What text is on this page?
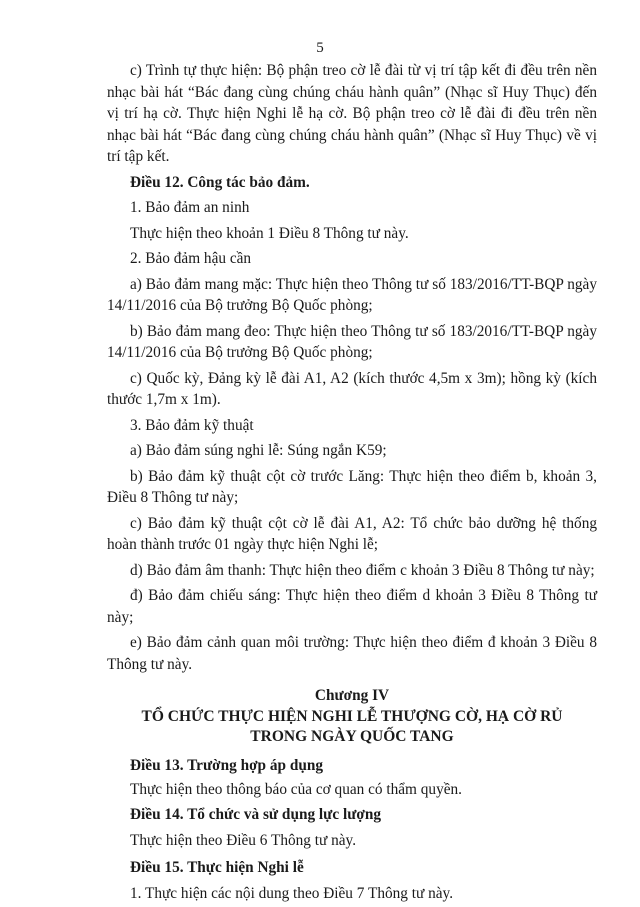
5

c) Trình tự thực hiện: Bộ phận treo cờ lễ đài từ vị trí tập kết đi đều trên nền nhạc bài hát “Bác đang cùng chúng cháu hành quân” (Nhạc sĩ Huy Thục) đến vị trí hạ cờ. Thực hiện Nghi lễ hạ cờ. Bộ phận treo cờ lễ đài đi đều trên nền nhạc bài hát “Bác đang cùng chúng cháu hành quân” (Nhạc sĩ Huy Thục) về vị trí tập kết.

Điều 12. Công tác bảo đảm.

1. Bảo đảm an ninh

Thực hiện theo khoản 1 Điều 8 Thông tư này.

2. Bảo đảm hậu cần

a) Bảo đảm mang mặc: Thực hiện theo Thông tư số 183/2016/TT-BQP ngày 14/11/2016 của Bộ trưởng Bộ Quốc phòng;

b) Bảo đảm mang đeo: Thực hiện theo Thông tư số 183/2016/TT-BQP ngày 14/11/2016 của Bộ trưởng Bộ Quốc phòng;

c) Quốc kỳ, Đảng kỳ lễ đài A1, A2 (kích thước 4,5m x 3m); hồng kỳ (kích thước 1,7m x 1m).

3. Bảo đảm kỹ thuật

a) Bảo đảm súng nghi lễ: Súng ngắn K59;

b) Bảo đảm kỹ thuật cột cờ trước Lăng: Thực hiện theo điểm b, khoản 3, Điều 8 Thông tư này;

c) Bảo đảm kỹ thuật cột cờ lễ đài A1, A2: Tổ chức bảo dưỡng hệ thống hoàn thành trước 01 ngày thực hiện Nghi lễ;

d) Bảo đảm âm thanh: Thực hiện theo điểm c khoản 3 Điều 8 Thông tư này;

đ) Bảo đảm chiếu sáng: Thực hiện theo điểm d khoản 3 Điều 8 Thông tư này;

e) Bảo đảm cảnh quan môi trường: Thực hiện theo điểm đ khoản 3 Điều 8 Thông tư này.

Chương IV

TỔ CHỨC THỰC HIỆN NGHI LỄ THƯỢNG CỜ, HẠ CỜ RỦ

TRONG NGÀY QUỐC TANG

Điều 13. Trường hợp áp dụng

Thực hiện theo thông báo của cơ quan có thẩm quyền.

Điều 14. Tổ chức và sử dụng lực lượng

Thực hiện theo Điều 6 Thông tư này.

Điều 15. Thực hiện Nghi lễ

1. Thực hiện các nội dung theo Điều 7 Thông tư này.
